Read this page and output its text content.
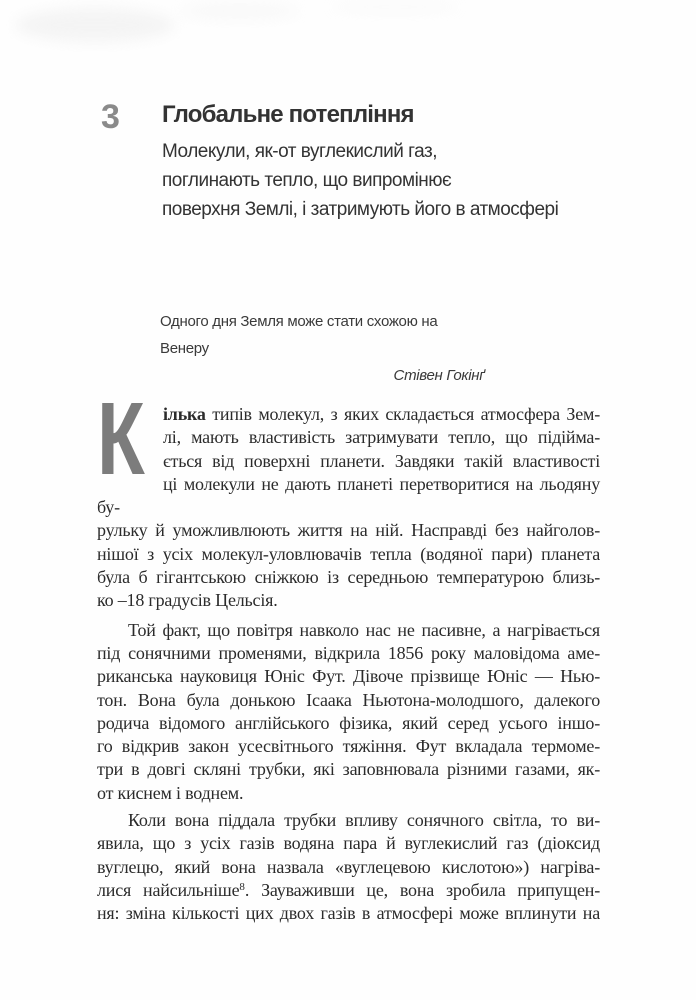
3 Глобальне потепління
Молекули, як-от вуглекислий газ,
поглинають тепло, що випромінює
поверхня Землі, і затримують його в атмосфері
Одного дня Земля може стати схожою на Венеру
Стівен Гокінґ
К	ілька типів молекул, з яких складається атмосфера Зем-
лі, мають властивість затримувати тепло, що підійма-
ється від поверхні планети. Завдяки такій властивості
ці молекули не дають планеті перетворитися на льодяну бу-
рульку й уможливлюють життя на ній. Насправді без найголов-
нішої з усіх молекул-уловлювачів тепла (водяної пари) планета
була б гігантською сніжкою із середньою температурою близь-
ко –18 градусів Цельсія.
Той факт, що повітря навколо нас не пасивне, а нагрівається
під сонячними променями, відкрила 1856 року маловідома аме-
риканська науковиця Юніс Фут. Дівоче прізвище Юніс — Нью-
тон. Вона була донькою Ісаака Ньютона-молодшого, далекого
родича відомого англійського фізика, який серед усього іншо-
го відкрив закон усесвітнього тяжіння. Фут вкладала термоме-
три в довгі скляні трубки, які заповнювала різними газами, як-
от киснем і воднем.
Коли вона піддала трубки впливу сонячного світла, то ви-
явила, що з усіх газів водяна пара й вуглекислий газ (діоксид
вуглецю, який вона назвала «вуглецевою кислотою») нагріва-
лися найсильніше$^8$. Зауваживши це, вона зробила припущен-
ня: зміна кількості цих двох газів в атмосфері може вплинути на
